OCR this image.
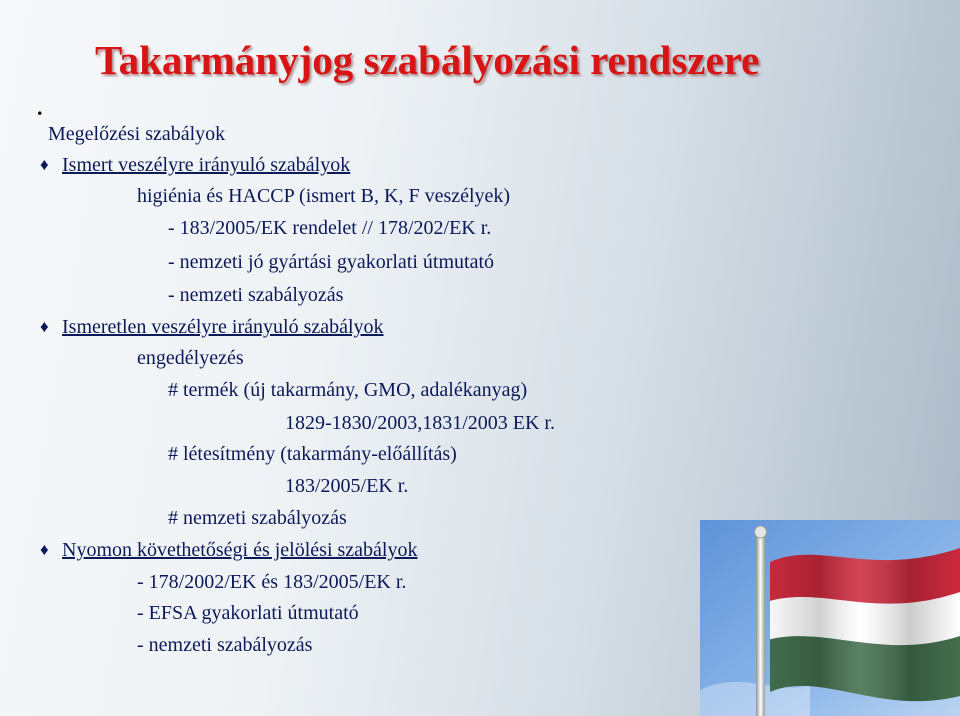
Takarmányjog szabályozási rendszere
.
Megelőzési szabályok
♦ Ismert veszélyre irányuló szabályok
higiénia és HACCP (ismert B, K, F veszélyek)
- 183/2005/EK rendelet // 178/202/EK r.
- nemzeti jó gyártási gyakorlati útmutató
- nemzeti szabályozás
♦ Ismeretlen veszélyre irányuló szabályok
engedélyezés
# termék (új takarmány, GMO, adalékanyag)
1829-1830/2003,1831/2003 EK r.
# létesítmény (takarmány-előállítás)
183/2005/EK r.
# nemzeti szabályozás
♦ Nyomon követhetőségi és jelölési szabályok
- 178/2002/EK és 183/2005/EK r.
- EFSA gyakorlati útmutató
- nemzeti szabályozás
